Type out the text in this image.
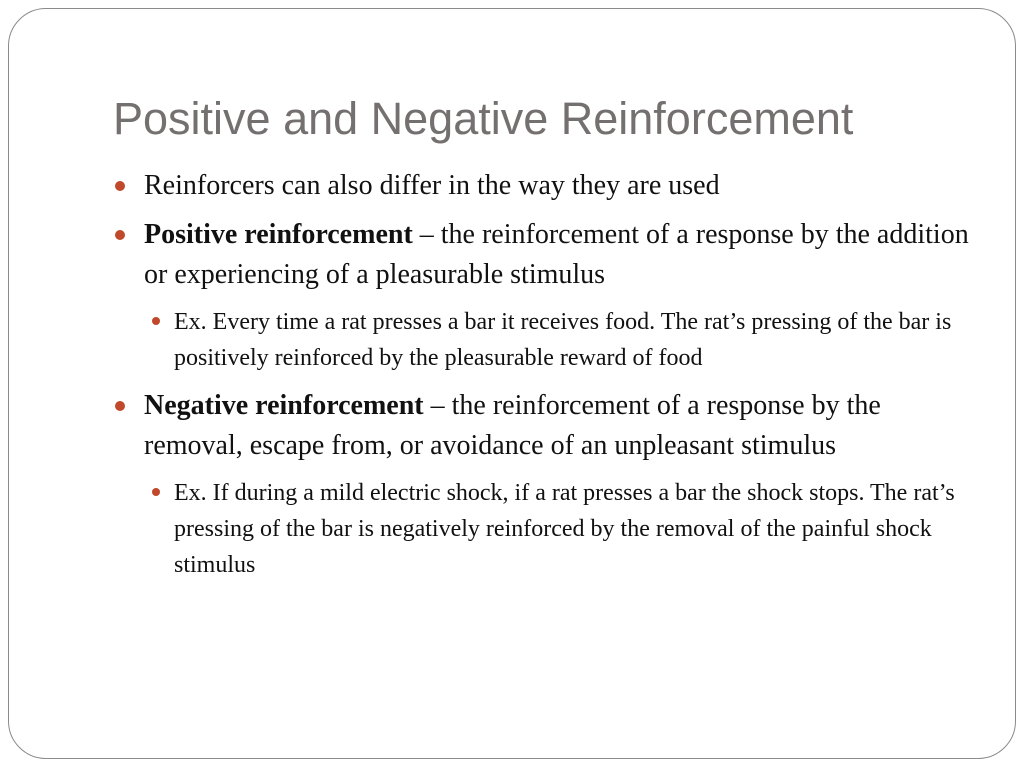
Positive and Negative Reinforcement
Reinforcers can also differ in the way they are used
Positive reinforcement – the reinforcement of a response by the addition or experiencing of a pleasurable stimulus
Ex. Every time a rat presses a bar it receives food. The rat’s pressing of the bar is positively reinforced by the pleasurable reward of food
Negative reinforcement – the reinforcement of a response by the removal, escape from, or avoidance of an unpleasant stimulus
Ex. If during a mild electric shock, if a rat presses a bar the shock stops. The rat’s pressing of the bar is negatively reinforced by the removal of the painful shock stimulus
